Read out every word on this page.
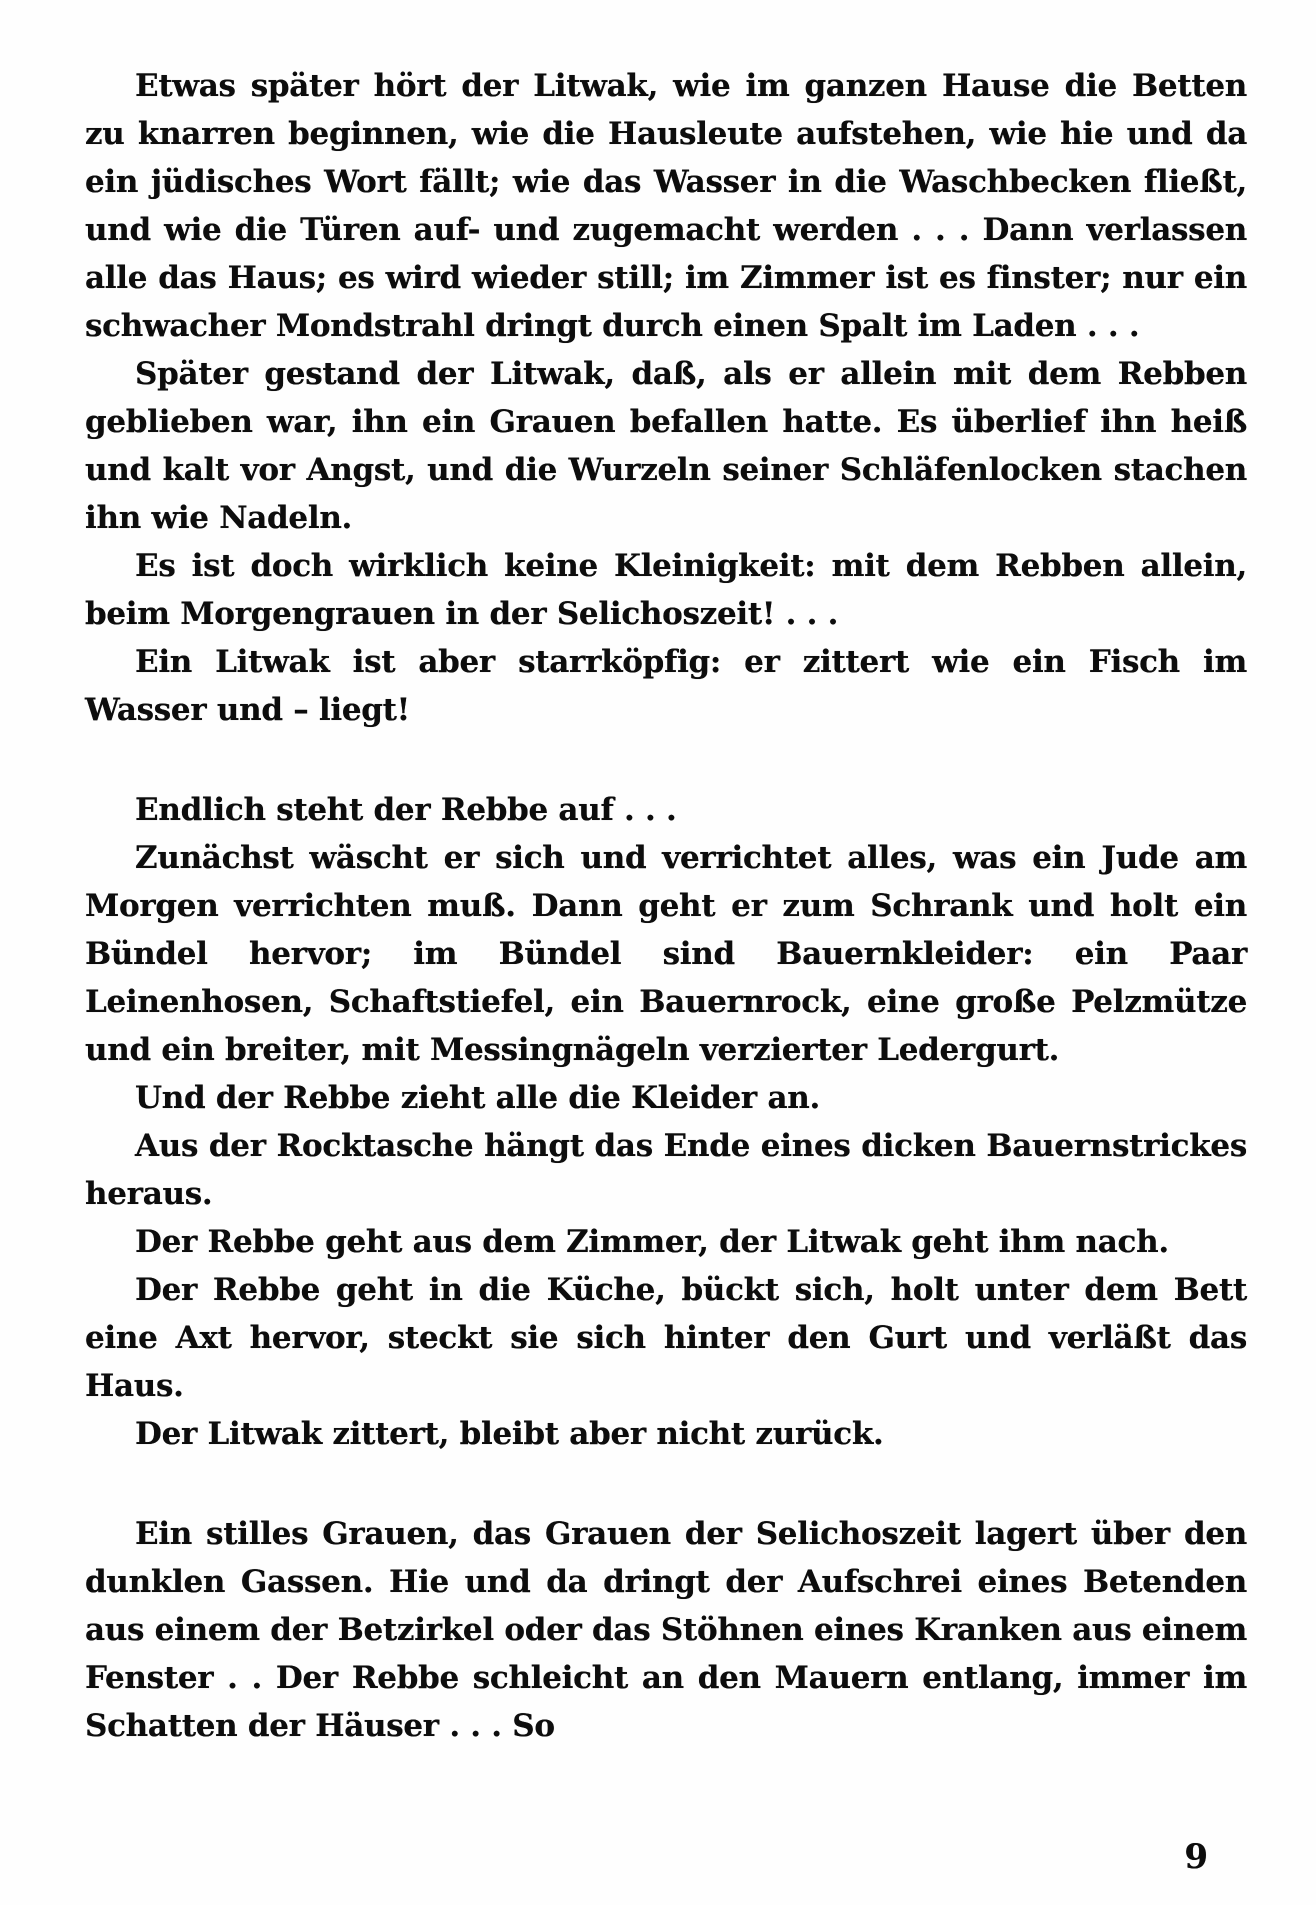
Etwas später hört der Litwak, wie im ganzen Hause die Betten zu knarren beginnen, wie die Hausleute aufstehen, wie hie und da ein jüdisches Wort fällt; wie das Wasser in die Waschbecken fließt, und wie die Türen auf- und zugemacht werden . . . Dann verlassen alle das Haus; es wird wieder still; im Zimmer ist es finster; nur ein schwacher Mondstrahl dringt durch einen Spalt im Laden . . .

Später gestand der Litwak, daß, als er allein mit dem Rebben geblieben war, ihn ein Grauen befallen hatte. Es überlief ihn heiß und kalt vor Angst, und die Wurzeln seiner Schläfenlocken stachen ihn wie Nadeln.

Es ist doch wirklich keine Kleinigkeit: mit dem Rebben allein, beim Morgengrauen in der Selichoszeit! . . .

Ein Litwak ist aber starrköpfig: er zittert wie ein Fisch im Wasser und – liegt!

Endlich steht der Rebbe auf . . .

Zunächst wäscht er sich und verrichtet alles, was ein Jude am Morgen verrichten muß. Dann geht er zum Schrank und holt ein Bündel hervor; im Bündel sind Bauernkleider: ein Paar Leinenhosen, Schaftstiefel, ein Bauernrock, eine große Pelzmütze und ein breiter, mit Messingnägeln verzierter Ledergurt.

Und der Rebbe zieht alle die Kleider an.

Aus der Rocktasche hängt das Ende eines dicken Bauernstrickes heraus.

Der Rebbe geht aus dem Zimmer, der Litwak geht ihm nach.

Der Rebbe geht in die Küche, bückt sich, holt unter dem Bett eine Axt hervor, steckt sie sich hinter den Gurt und verläßt das Haus.

Der Litwak zittert, bleibt aber nicht zurück.

Ein stilles Grauen, das Grauen der Selichoszeit lagert über den dunklen Gassen. Hie und da dringt der Aufschrei eines Betenden aus einem der Betzirkel oder das Stöhnen eines Kranken aus einem Fenster . . Der Rebbe schleicht an den Mauern entlang, immer im Schatten der Häuser . . . So

9
